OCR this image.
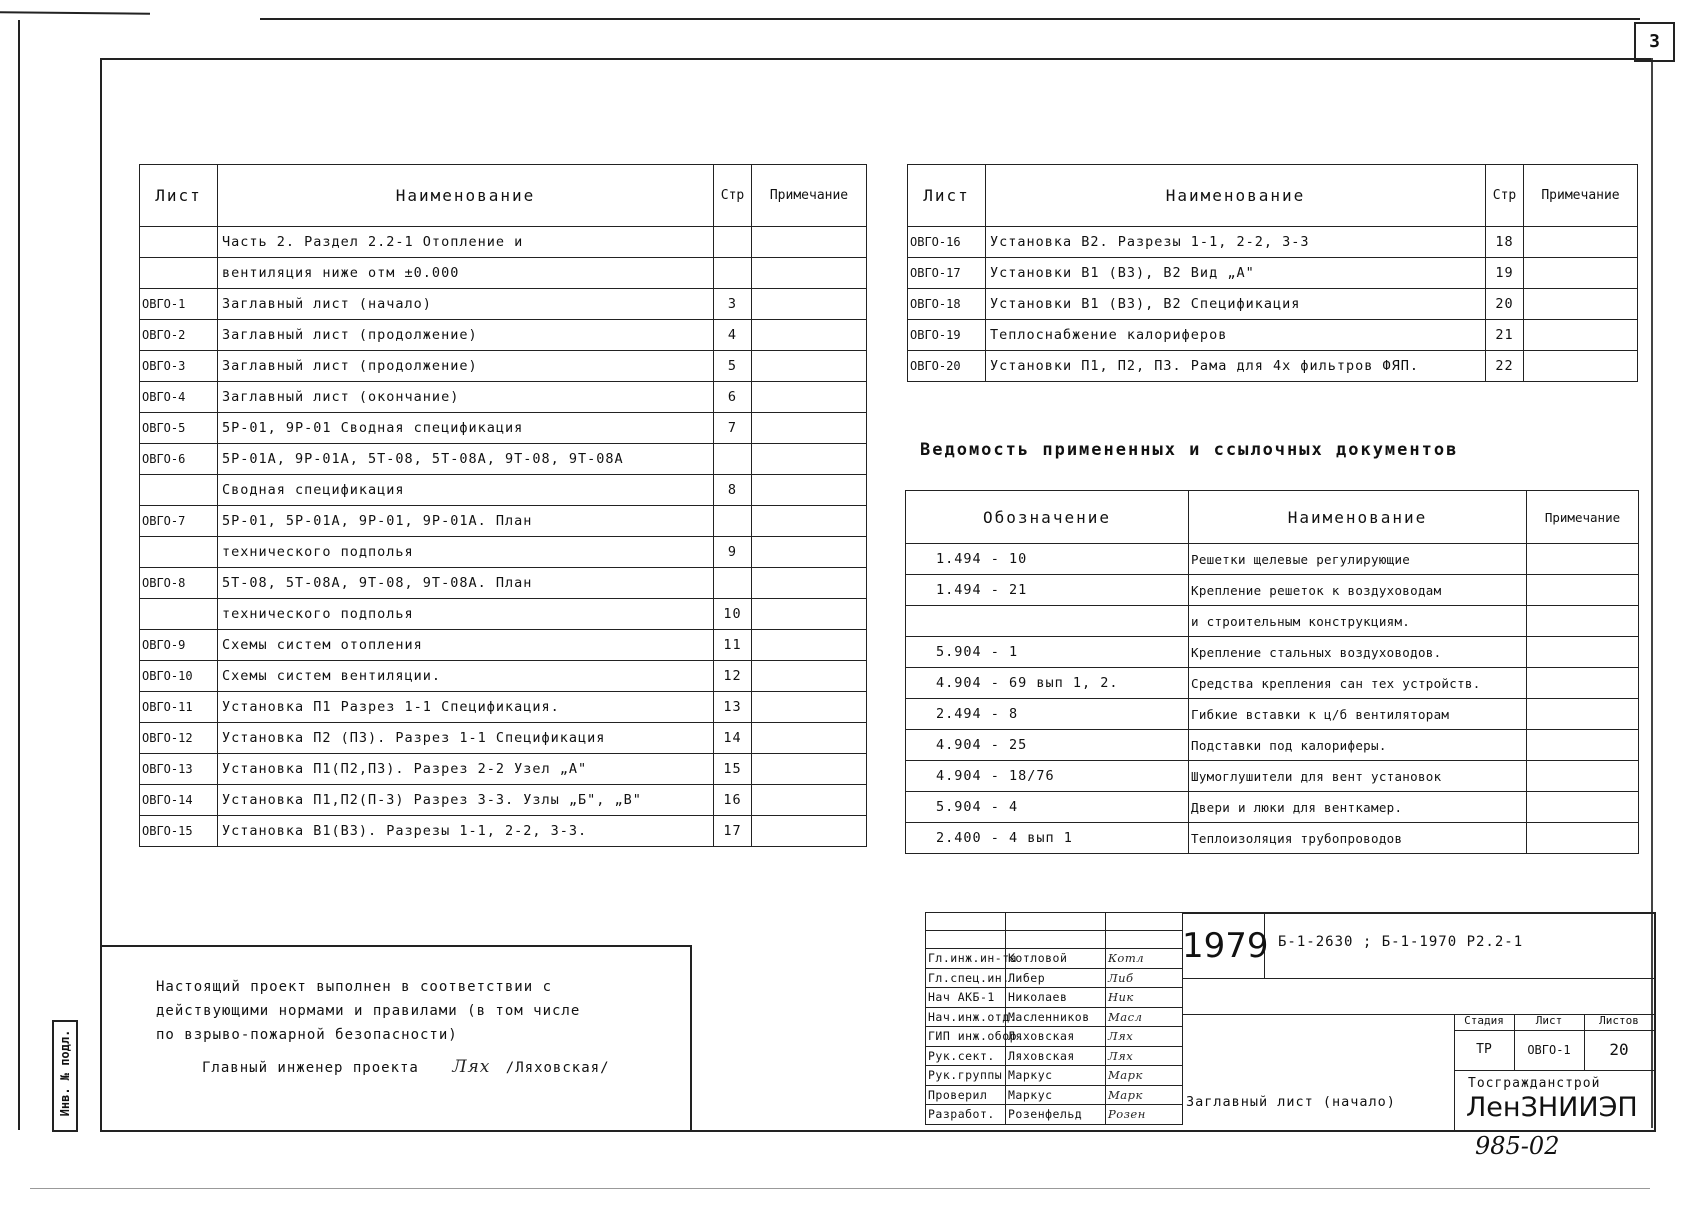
3
Лист	Наименование	Стр	Примечание
	Часть 2. Раздел 2.2-1 Отопление и		
	вентиляция ниже отм ±0.000		
ОВГО-1	Заглавный лист (начало)	3	
ОВГО-2	Заглавный лист (продолжение)	4	
ОВГО-3	Заглавный лист (продолжение)	5	
ОВГО-4	Заглавный лист (окончание)	6	
ОВГО-5	5Р-01, 9Р-01 Сводная спецификация	7	
ОВГО-6	5Р-01А, 9Р-01А, 5Т-08, 5Т-08А, 9Т-08, 9Т-08А		
	Сводная спецификация	8	
ОВГО-7	5Р-01, 5Р-01А, 9Р-01, 9Р-01А. План		
	технического подполья	9	
ОВГО-8	5Т-08, 5Т-08А, 9Т-08, 9Т-08А. План		
	технического подполья	10	
ОВГО-9	Схемы систем отопления	11	
ОВГО-10	Схемы систем вентиляции.	12	
ОВГО-11	Установка П1 Разрез 1-1 Спецификация.	13	
ОВГО-12	Установка П2 (П3). Разрез 1-1 Спецификация	14	
ОВГО-13	Установка П1(П2,П3). Разрез 2-2 Узел „А"	15	
ОВГО-14	Установка П1,П2(П-3) Разрез 3-3. Узлы „Б", „В"	16	
ОВГО-15	Установка В1(В3). Разрезы 1-1, 2-2, 3-3.	17	
Лист	Наименование	Стр	Примечание
ОВГО-16	Установка В2. Разрезы 1-1, 2-2, 3-3	18	
ОВГО-17	Установки В1 (В3), В2 Вид „А"	19	
ОВГО-18	Установки В1 (В3), В2 Спецификация	20	
ОВГО-19	Теплоснабжение калориферов	21	
ОВГО-20	Установки П1, П2, П3. Рама для 4х фильтров ФЯП.	22	
Ведомость примененных и ссылочных документов
Обозначение	Наименование	Примечание
1.494 - 10	Решетки щелевые регулирующие	
1.494 - 21	Крепление решеток к воздуховодам	
	и строительным конструкциям.	
5.904 - 1	Крепление стальных воздуховодов.	
4.904 - 69 вып 1, 2.	Средства крепления сан тех устройств.	
2.494 - 8	Гибкие вставки к ц/б вентиляторам	
4.904 - 25	Подставки под калориферы.	
4.904 - 18/76	Шумоглушители для вент установок	
5.904 - 4	Двери и люки для венткамер.	
2.400 - 4 вып 1	Теплоизоляция трубопроводов	

Настоящий проект выполнен в соответствии с

действующими нормами и правилами (в том числе

по взрыво-пожарной безопасности)

Главный инженер проекта Лях /Ляховская/
Инв. № подл.

Гл.инж.ин-та	Котловой	Котл
Гл.спец.ин.	Либер	Либ
Нач АКБ-1	Николаев	Ник
Нач.инж.отд.	Масленников	Масл
ГИП инж.обор.	Ляховская	Лях
Рук.сект.	Ляховская	Лях
Рук.группы	Маркус	Марк
Проверил	Маркус	Марк
Разработ.	Розенфельд	Розен
1979 Б-1-2630 ; Б-1-1970 Р2.2-1
Заглавный лист (начало)
Стадия	Лист	Листов
ТР	ОВГО-1	20
Тосгражданстрой
ЛенЗНИИЭП
985-02
